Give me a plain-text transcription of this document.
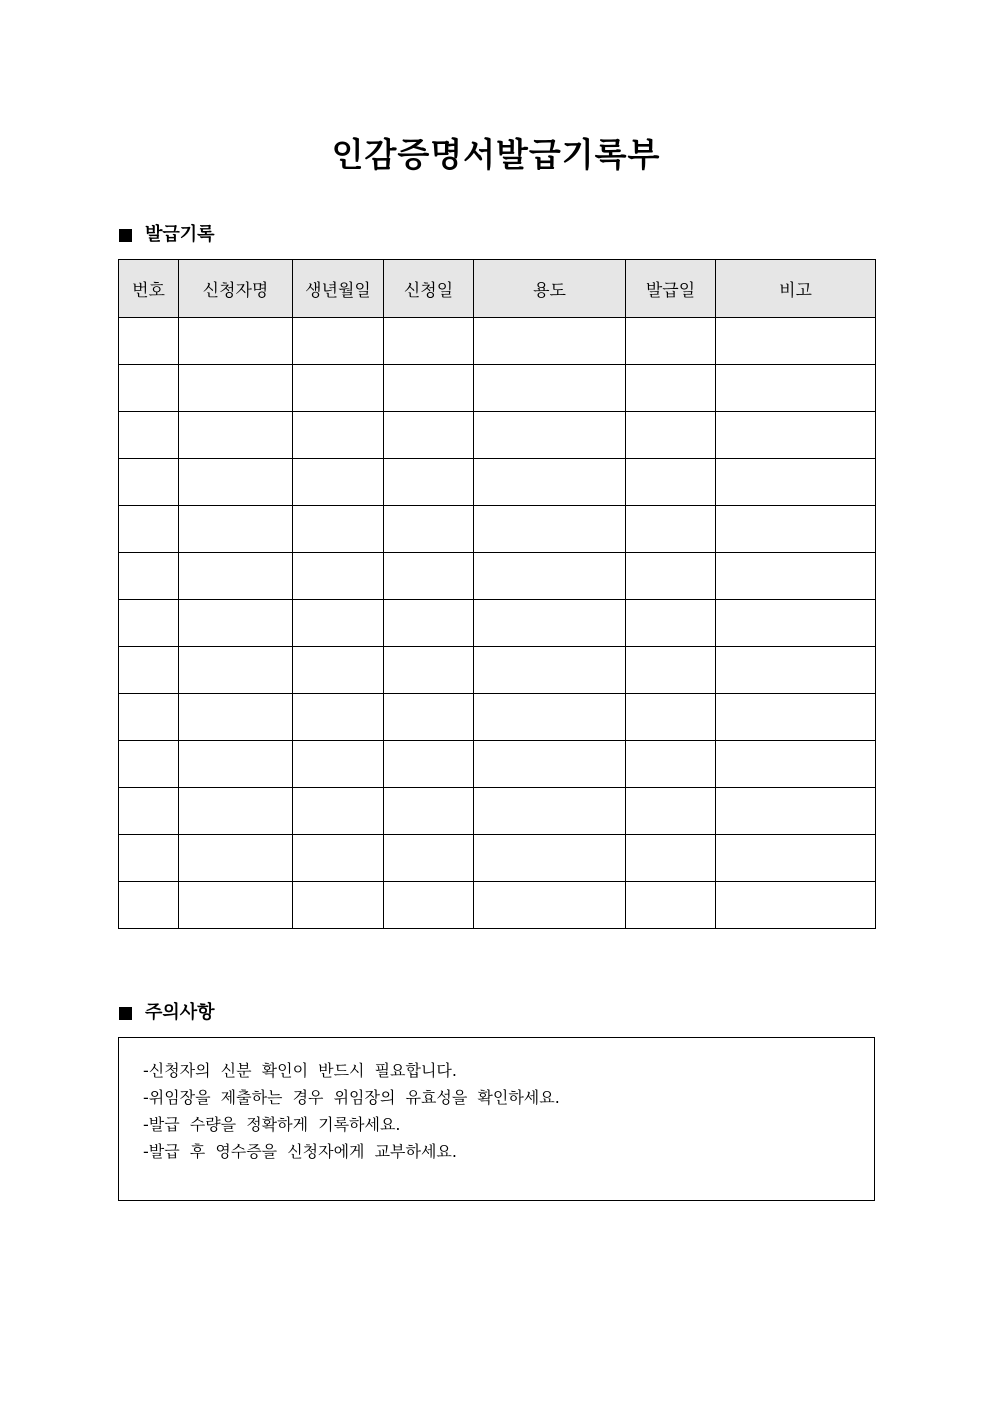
인감증명서발급기록부
발급기록
번호	신청자명	생년월일	신청일	용도	발급일	비고

주의사항
-신청자의 신분 확인이 반드시 필요합니다.
-위임장을 제출하는 경우 위임장의 유효성을 확인하세요.
-발급 수량을 정확하게 기록하세요.
-발급 후 영수증을 신청자에게 교부하세요.
